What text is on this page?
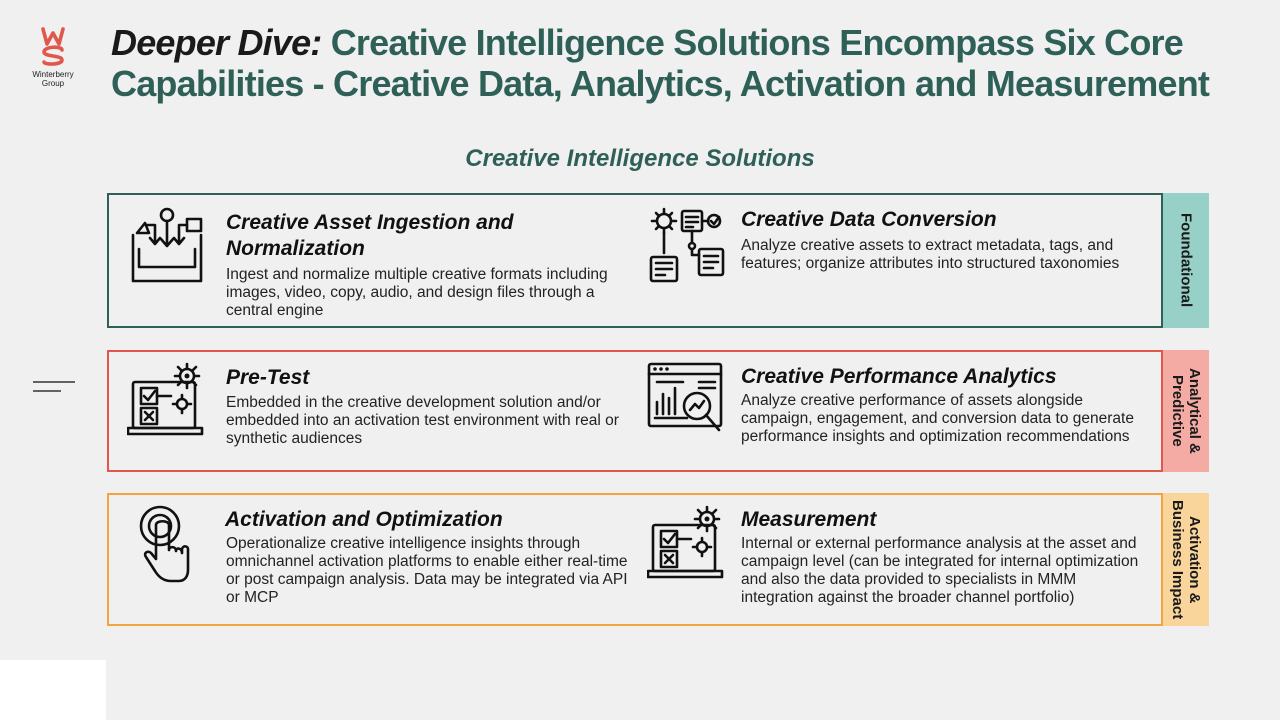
Winterberry Group
Deeper Dive: Creative Intelligence Solutions Encompass Six Core Capabilities - Creative Data, Analytics, Activation and Measurement
Creative Intelligence Solutions
Creative Asset Ingestion and Normalization
Ingest and normalize multiple creative formats including images, video, copy, audio, and design files through a central engine
Creative Data Conversion
Analyze creative assets to extract metadata, tags, and features; organize attributes into structured taxonomies	Foundational
Pre-Test
Embedded in the creative development solution and/or embedded into an activation test environment with real or synthetic audiences
Creative Performance Analytics
Analyze creative performance of assets alongside campaign, engagement, and conversion data to generate performance insights and optimization recommendations	Analytical &
Predictive
Activation and Optimization
Operationalize creative intelligence insights through omnichannel activation platforms to enable either real-time or post campaign analysis. Data may be integrated via API or MCP
Measurement
Internal or external performance analysis at the asset and campaign level (can be integrated for internal optimization and also the data provided to specialists in MMM integration against the broader channel portfolio)
Activation &
Business Impact
